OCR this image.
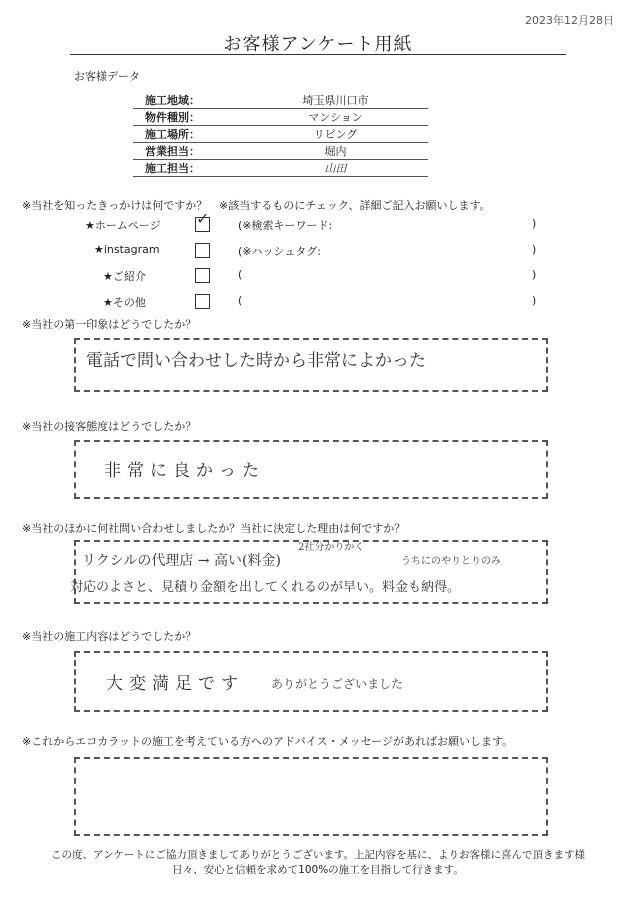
2023年12月28日
お客様アンケート用紙
お客様データ
施工地域：	埼玉県川口市
物件種別：	マンション
施工場所：	リビング
営業担当：	堀内
施工担当：	山田
※当社を知ったきっかけは何ですか？ ※該当するものにチェック、詳細ご記入お願いします。
★ホームページ ✓	(※検索キーワード:	)
★instagram	(※ハッシュタグ:	)
★ご紹介	(	)
★その他	(	)
※当社の第一印象はどうでしたか？
電話で問い合わせした時から非常によかった
※当社の接客態度はどうでしたか？
非常に良かった
※当社のほかに何社問い合わせしましたか？当社に決定した理由は何ですか？
2社分かりかく
リクシルの代理店 → 高い(料金)	うちにのやりとりのみ
対応のよさと、見積り金額を出してくれるのが早い。料金も納得。
※当社の施工内容はどうでしたか？
大変満足です ありがとうございました
※これからエコカラットの施工を考えている方へのアドバイス・メッセージがあればお願いします。
この度、アンケートにご協力頂きましてありがとうございます。上記内容を基に、よりお客様に喜んで頂きます様
日々、安心と信頼を求めて100%の施工を目指して行きます。
